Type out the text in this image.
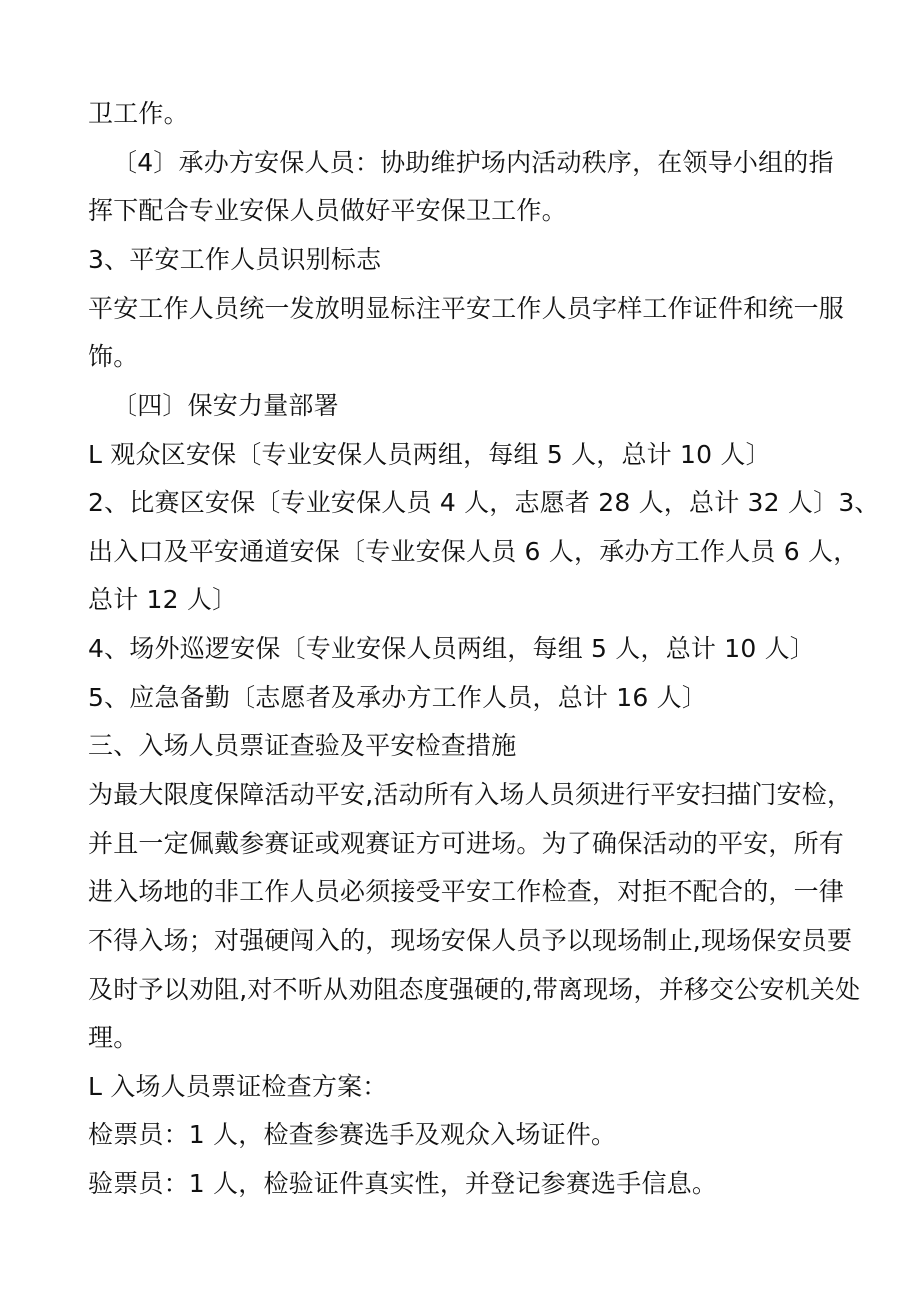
卫工作。
〔4〕承办方安保人员：协助维护场内活动秩序，在领导小组的指
挥下配合专业安保人员做好平安保卫工作。
3、平安工作人员识别标志
平安工作人员统一发放明显标注平安工作人员字样工作证件和统一服
饰。
〔四〕保安力量部署
L 观众区安保〔专业安保人员两组，每组 5 人，总计 10 人〕
2、比赛区安保〔专业安保人员 4 人，志愿者 28 人，总计 32 人〕3、
出入口及平安通道安保〔专业安保人员 6 人，承办方工作人员 6 人，
总计 12 人〕
4、场外巡逻安保〔专业安保人员两组，每组 5 人，总计 10 人〕
5、应急备勤〔志愿者及承办方工作人员，总计 16 人〕
三、入场人员票证查验及平安检查措施
为最大限度保障活动平安,活动所有入场人员须进行平安扫描门安检，
并且一定佩戴参赛证或观赛证方可进场。为了确保活动的平安，所有
进入场地的非工作人员必须接受平安工作检查，对拒不配合的，一律
不得入场；对强硬闯入的，现场安保人员予以现场制止,现场保安员要
及时予以劝阻,对不听从劝阻态度强硬的,带离现场，并移交公安机关处
理。
L 入场人员票证检查方案：
检票员：1 人，检查参赛选手及观众入场证件。
验票员：1 人，检验证件真实性，并登记参赛选手信息。
